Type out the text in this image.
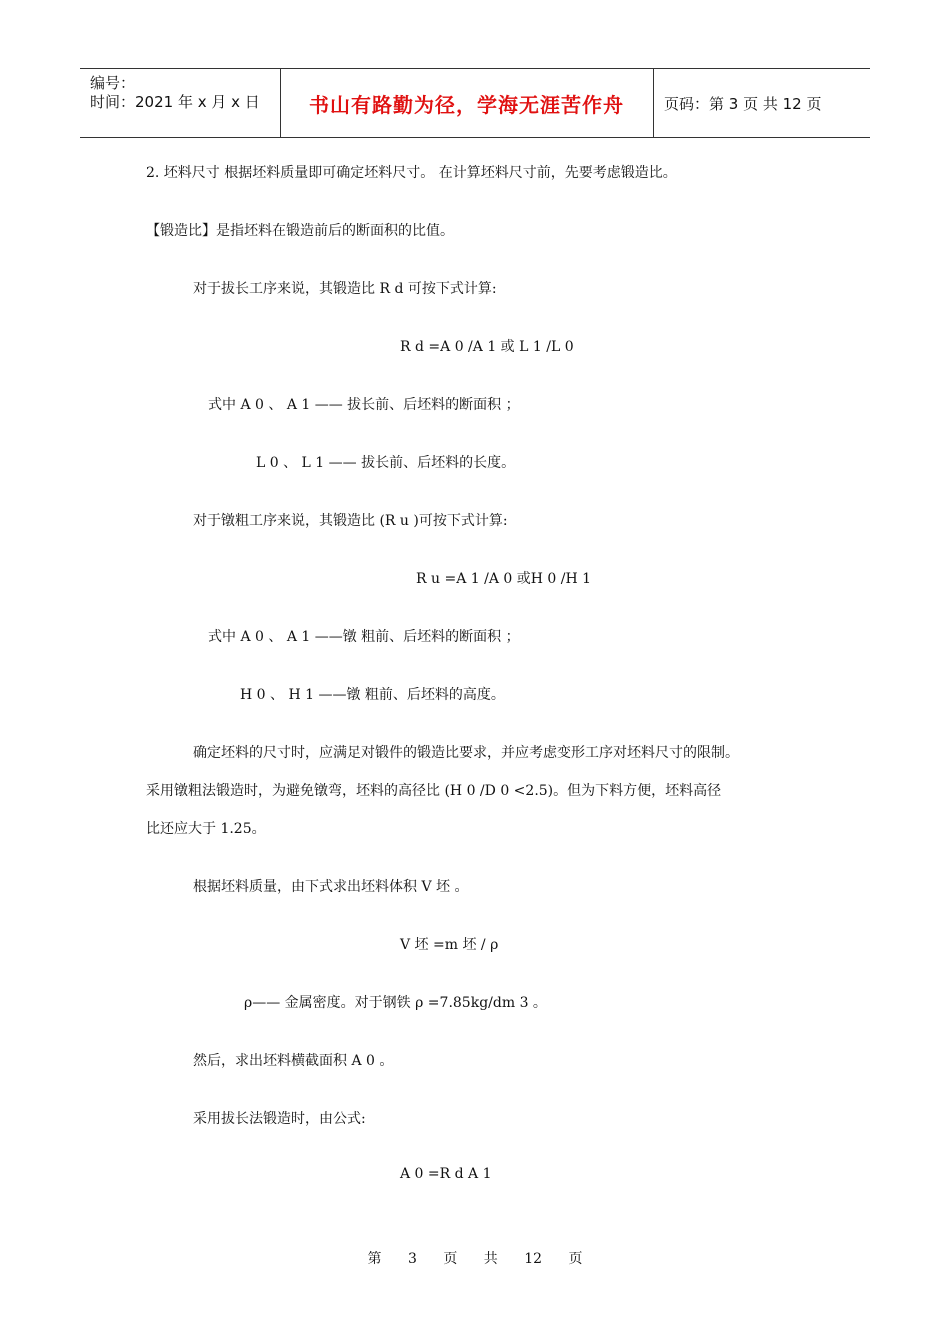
编号：
时间：2021 年 x 月 x 日 书山有路勤为径，学海无涯苦作舟	页码：第 3 页 共 12 页
2. 坯料尺寸 根据坯料质量即可确定坯料尺寸。 在计算坯料尺寸前，先要考虑锻造比。
【锻造比】是指坯料在锻造前后的断面积的比值。
对于拔长工序来说，其锻造比 R d 可按下式计算:
R d =A 0 /A 1 或 L 1 /L 0
式中 A 0 、 A 1 —— 拔长前、后坯料的断面积 ；
L 0 、 L 1 —— 拔长前、后坯料的长度。
对于镦粗工序来说，其锻造比 (R u )可按下式计算:
R u =A 1 /A 0 或H 0 /H 1
式中 A 0 、 A 1 ——镦 粗前、后坯料的断面积 ；
H 0 、 H 1 ——镦 粗前、后坯料的高度。
确定坯料的尺寸时，应满足对锻件的锻造比要求，并应考虑变形工序对坯料尺寸的限制。
采用镦粗法锻造时，为避免镦弯，坯料的高径比 (H 0 /D 0 <2.5)。但为下料方便，坯料高径
比还应大于 1.25。
根据坯料质量，由下式求出坯料体积 V 坯 。
V 坯 =m 坯 / ρ
ρ—— 金属密度。对于钢铁 ρ =7.85kg/dm 3 。
然后，求出坯料横截面积 A 0 。
采用拔长法锻造时，由公式:
A 0 =R d A 1
第 3 页 共 12 页
